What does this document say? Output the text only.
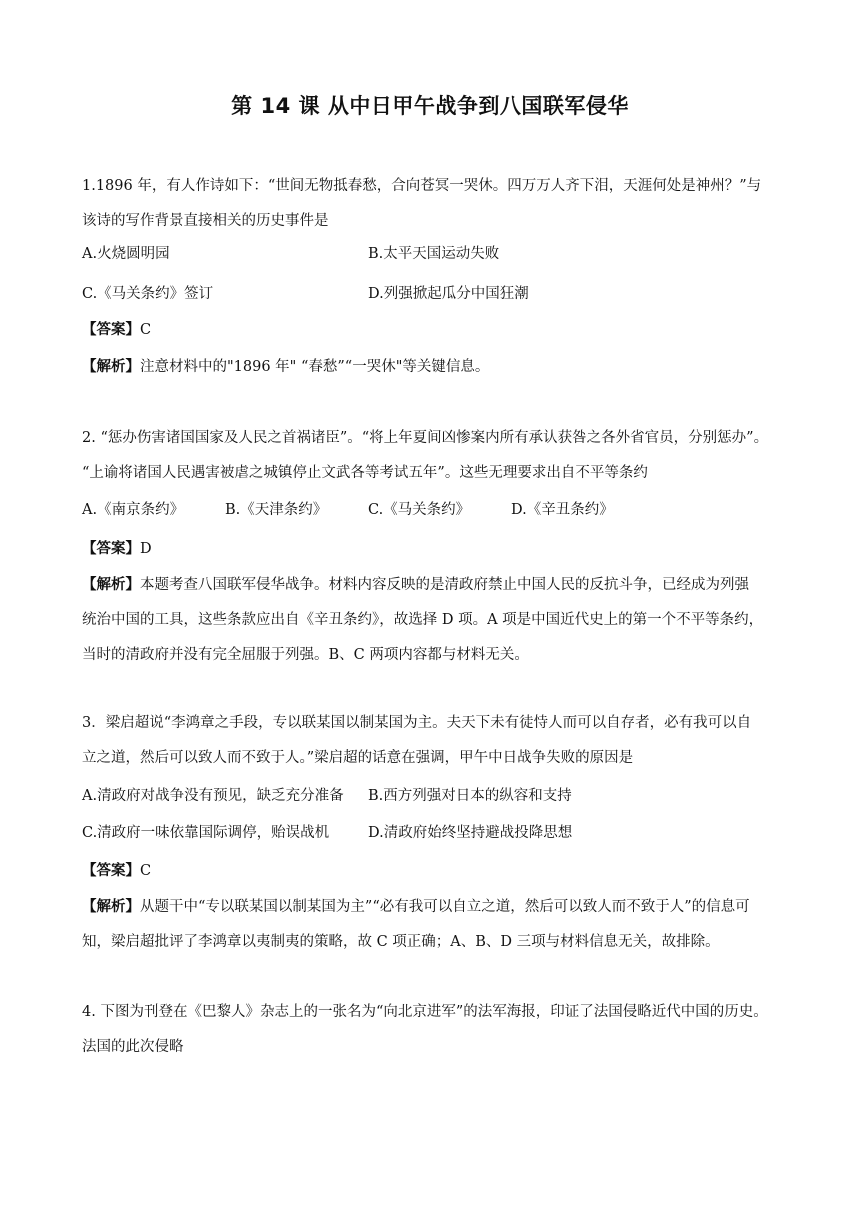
第 14 课 从中日甲午战争到八国联军侵华
1.1896 年，有人作诗如下：“世间无物抵春愁，合向苍冥一哭休。四万万人齐下泪，天涯何处是神州？”与
该诗的写作背景直接相关的历史事件是
A.火烧圆明园	B.太平天国运动失败
C.《马关条约》签订	D.列强掀起瓜分中国狂潮
【答案】C
【解析】注意材料中的"1896 年" “春愁”“一哭休"等关键信息。
2. “惩办伤害诸国国家及人民之首祸诸臣”。“将上年夏间凶惨案内所有承认获咎之各外省官员，分别惩办”。
“上谕将诸国人民遇害被虐之城镇停止文武各等考试五年”。这些无理要求出自不平等条约
A.《南京条约》	B.《天津条约》	C.《马关条约》	D.《辛丑条约》
【答案】D
【解析】本题考查八国联军侵华战争。材料内容反映的是清政府禁止中国人民的反抗斗争，已经成为列强
统治中国的工具，这些条款应出自《辛丑条约》，故选择 D 项。A 项是中国近代史上的第一个不平等条约，
当时的清政府并没有完全屈服于列强。B、C 两项内容都与材料无关。
3．梁启超说“李鸿章之手段，专以联某国以制某国为主。夫天下未有徒恃人而可以自存者，必有我可以自
立之道，然后可以致人而不致于人。”梁启超的话意在强调，甲午中日战争失败的原因是
A.清政府对战争没有预见，缺乏充分准备 B.西方列强对日本的纵容和支持
C.清政府一味依靠国际调停，贻误战机	D.清政府始终坚持避战投降思想
【答案】C
【解析】从题干中“专以联某国以制某国为主”“必有我可以自立之道，然后可以致人而不致于人”的信息可
知，梁启超批评了李鸿章以夷制夷的策略，故 C 项正确；A、B、D 三项与材料信息无关，故排除。
4. 下图为刊登在《巴黎人》杂志上的一张名为“向北京进军”的法军海报，印证了法国侵略近代中国的历史。
法国的此次侵略
